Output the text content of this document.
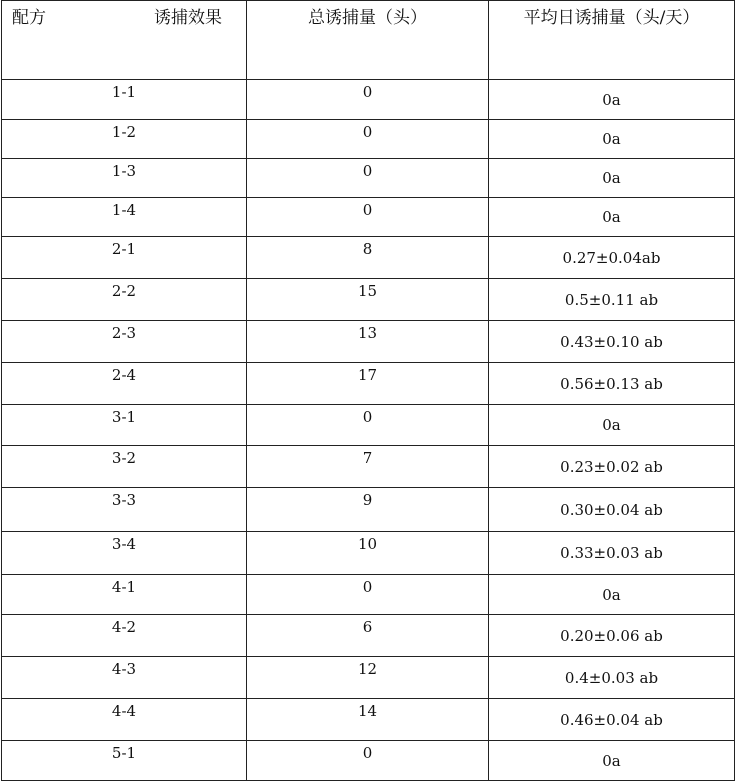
配方 诱捕效果	总诱捕量（头）	平均日诱捕量（头/天）
1-1	0	0a
1-2	0	0a
1-3	0	0a
1-4	0	0a
2-1	8	0.27±0.04ab
2-2	15	0.5±0.11 ab
2-3	13	0.43±0.10 ab
2-4	17	0.56±0.13 ab
3-1	0	0a
3-2	7	0.23±0.02 ab
3-3	9	0.30±0.04 ab
3-4	10	0.33±0.03 ab
4-1	0	0a
4-2	6	0.20±0.06 ab
4-3	12	0.4±0.03 ab
4-4	14	0.46±0.04 ab
5-1	0	0a
